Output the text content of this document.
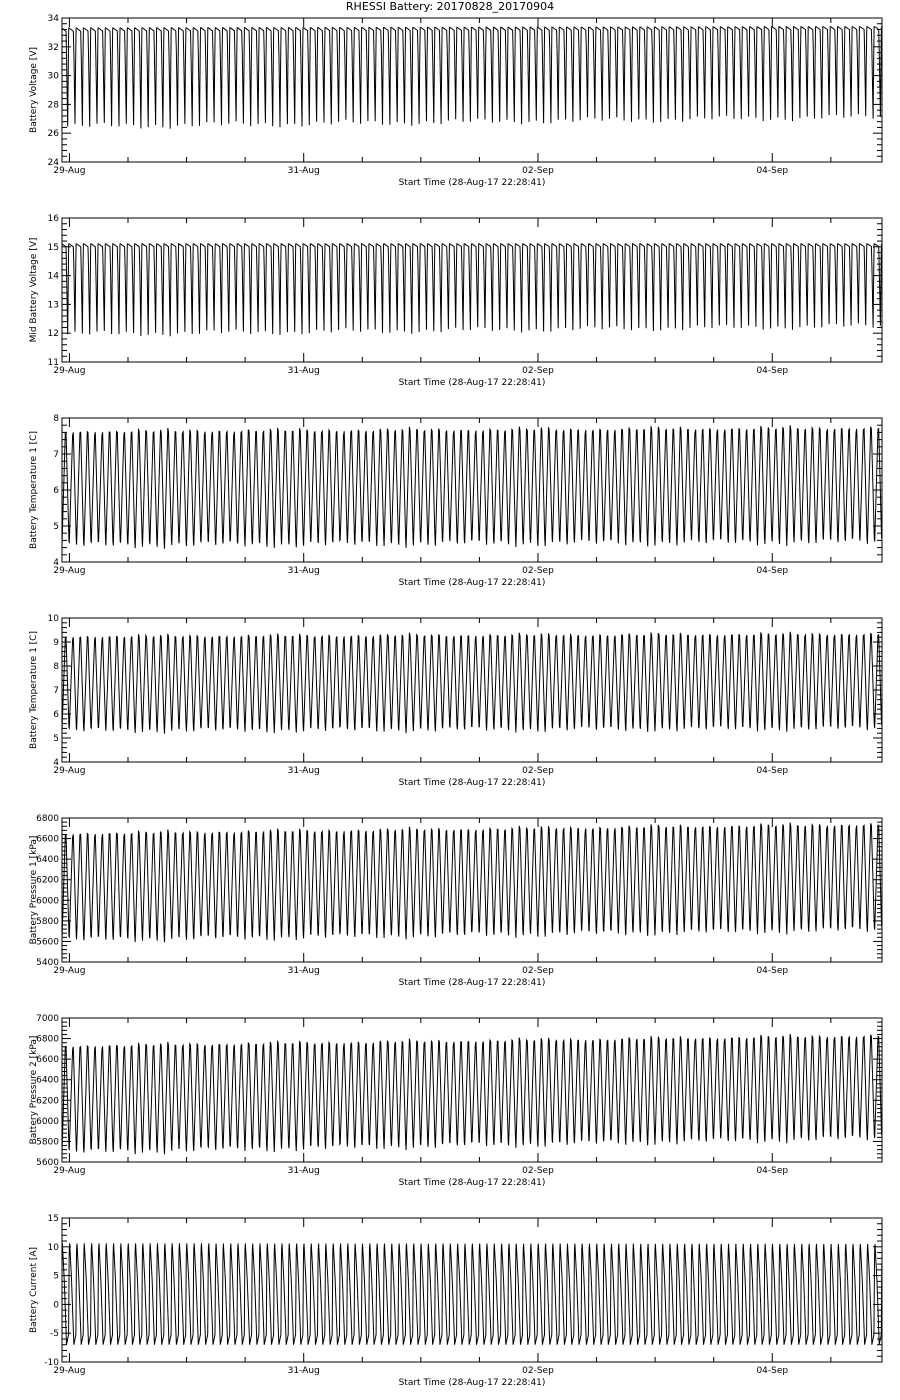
RHESSI Battery: 20170828_20170904
24
26
28
30
32
34
Battery Voltage [V]
29-Aug	31-Aug	02-Sep	04-Sep
Start Time (28-Aug-17 22:28:41)
11
12
13
14
15
16
Mid Battery Voltage [V]
29-Aug	31-Aug	02-Sep	04-Sep
Start Time (28-Aug-17 22:28:41)
4
5
6
7
8
Battery Temperature 1 [C]
29-Aug	31-Aug	02-Sep	04-Sep
Start Time (28-Aug-17 22:28:41)
4
5
6
7
8
9
10
Battery Temperature 1 [C]
29-Aug	31-Aug	02-Sep	04-Sep
Start Time (28-Aug-17 22:28:41)
5400
5600
5800
6000
6200
6400
6600
6800
Battery Pressure 1 [kPa]
29-Aug	31-Aug	02-Sep	04-Sep
Start Time (28-Aug-17 22:28:41)
5600
5800
6000
6200
6400
6600
6800
7000
Battery Pressure 2 [kPa]
29-Aug	31-Aug	02-Sep	04-Sep
Start Time (28-Aug-17 22:28:41)
-10
-5
0
5
10
15
Battery Current [A]
29-Aug	31-Aug	02-Sep	04-Sep
Start Time (28-Aug-17 22:28:41)
